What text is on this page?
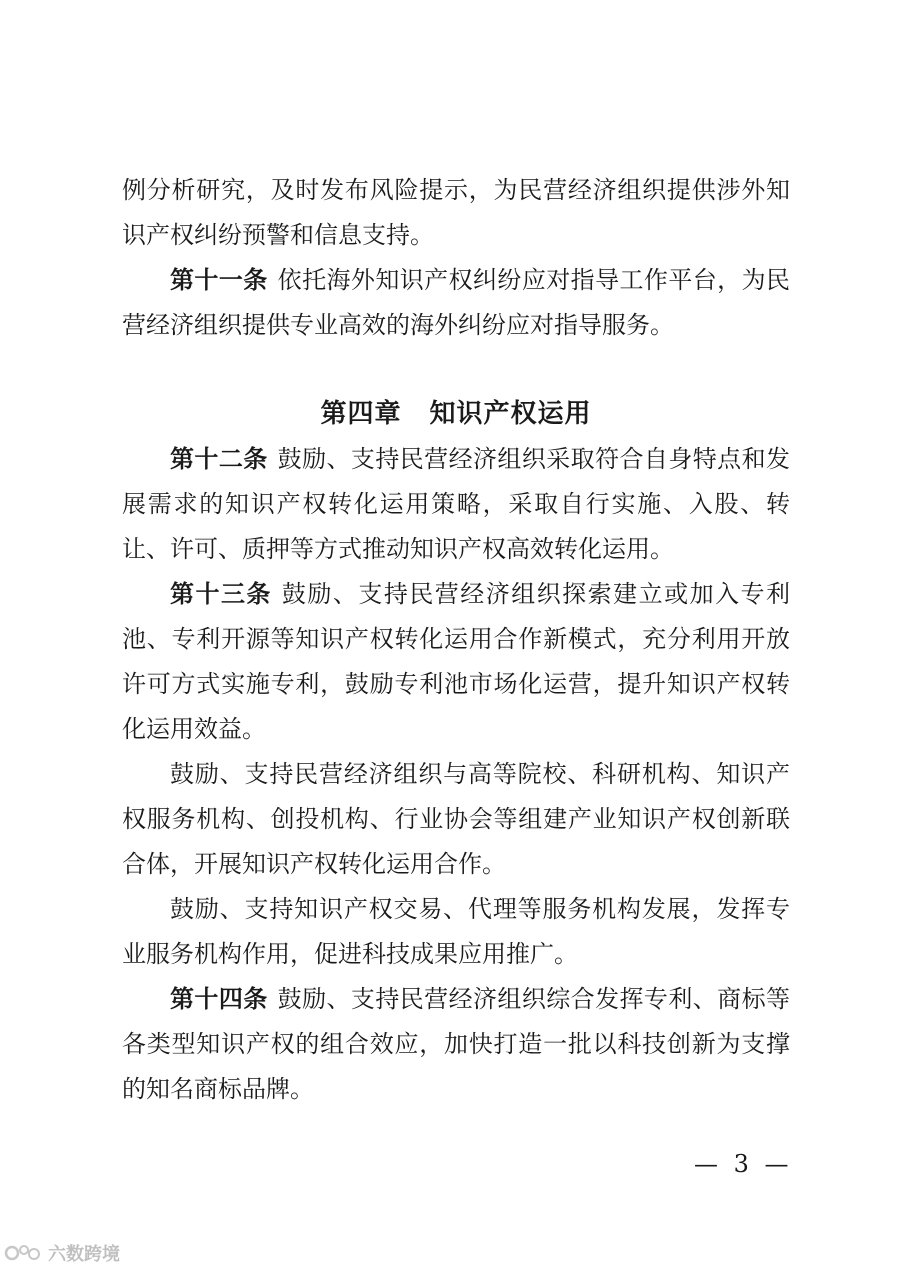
例分析研究，及时发布风险提示，为民营经济组织提供涉外知识产权纠纷预警和信息支持。

第十一条 依托海外知识产权纠纷应对指导工作平台，为民营经济组织提供专业高效的海外纠纷应对指导服务。

第四章 知识产权运用

第十二条 鼓励、支持民营经济组织采取符合自身特点和发展需求的知识产权转化运用策略，采取自行实施、入股、转让、许可、质押等方式推动知识产权高效转化运用。

第十三条 鼓励、支持民营经济组织探索建立或加入专利池、专利开源等知识产权转化运用合作新模式，充分利用开放许可方式实施专利，鼓励专利池市场化运营，提升知识产权转化运用效益。

鼓励、支持民营经济组织与高等院校、科研机构、知识产权服务机构、创投机构、行业协会等组建产业知识产权创新联合体，开展知识产权转化运用合作。

鼓励、支持知识产权交易、代理等服务机构发展，发挥专业服务机构作用，促进科技成果应用推广。

第十四条 鼓励、支持民营经济组织综合发挥专利、商标等各类型知识产权的组合效应，加快打造一批以科技创新为支撑的知名商标品牌。

— 3 —
六数跨境
